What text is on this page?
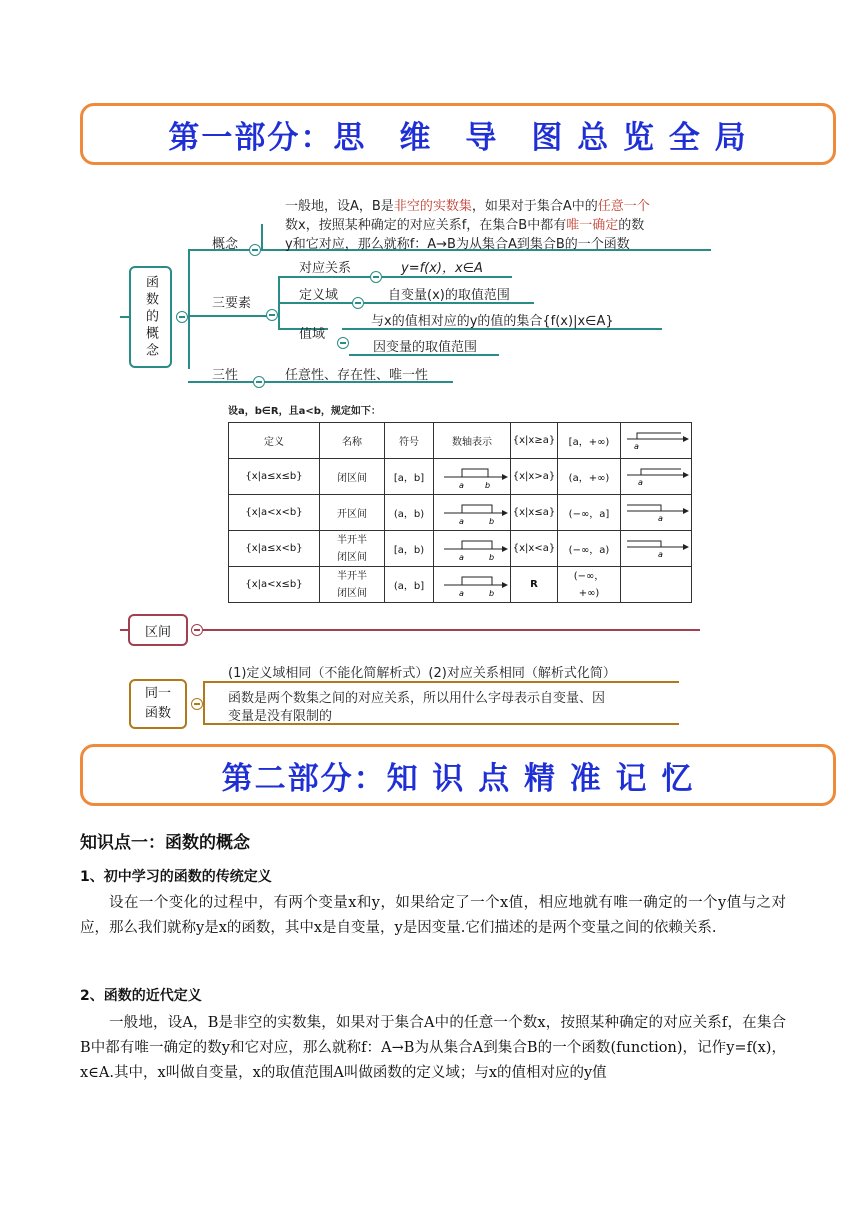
第一部分：思　维　导　图 总 览 全 局
函数的概念
概念
一般地，设A，B是非空的实数集，如果对于集合A中的任意一个
数x，按照某种确定的对应关系f，在集合B中都有唯一确定的数
y和它对应，那么就称f：A→B为从集合A到集合B的一个函数
三要素
对应关系	y=f(x)，x∈A
定义域	自变量(x)的取值范围
值域
与x的值相对应的y的值的集合{f(x)|x∈A}
因变量的取值范围
三性	任意性、存在性、唯一性
设a，b∈R，且a<b，规定如下：
定义	名称	符号	数轴表示	{x|x≥a}	[a，+∞)	a

{x|a≤x≤b}	闭区间	[a，b]	a b	{x|x>a}	(a，+∞)	a

{x|a<x<b}	开区间	(a，b)	a b	{x|x≤a}	(−∞，a]	a

{x|a≤x<b}	半开半闭区间	[a，b)	a b	{x|x<a}	(−∞，a)	a

{x|a<x≤b}	半开半闭区间	(a，b]	a b	R	(−∞，+∞)	
区间
同一函数
(1)定义域相同（不能化简解析式）(2)对应关系相同（解析式化简）
函数是两个数集之间的对应关系，所以用什么字母表示自变量、因
变量是没有限制的
第二部分：知 识 点 精 准 记 忆
知识点一：函数的概念
1、初中学习的函数的传统定义

设在一个变化的过程中，有两个变量x和y，如果给定了一个x值，相应地就有唯一确定的一个y值与之对应，那么我们就称y是x的函数，其中x是自变量，y是因变量.它们描述的是两个变量之间的依赖关系.

2、函数的近代定义

一般地，设A，B是非空的实数集，如果对于集合A中的任意一个数x，按照某种确定的对应关系f，在集合B中都有唯一确定的数y和它对应，那么就称f：A→B为从集合A到集合B的一个函数(function)，记作y=f(x)，x∈A.其中，x叫做自变量，x的取值范围A叫做函数的定义域；与x的值相对应的y值
